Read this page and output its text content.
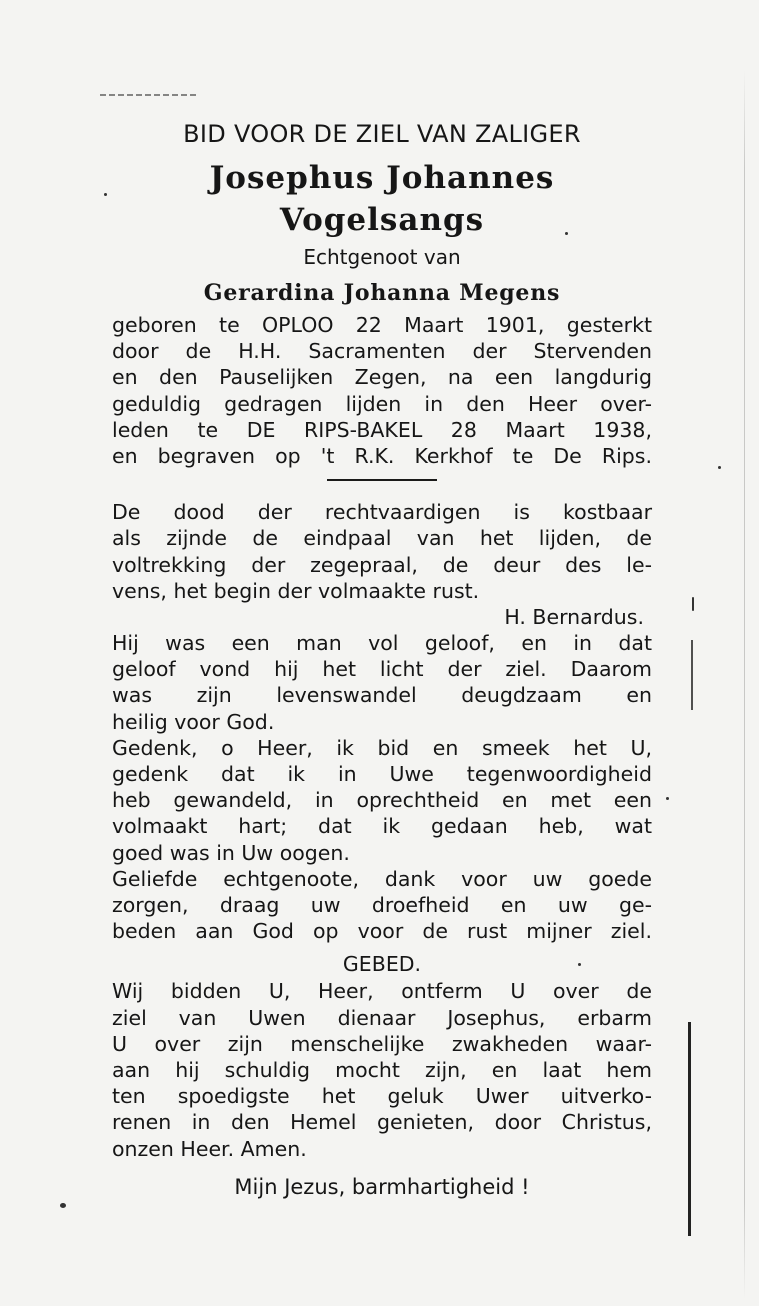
BID VOOR DE ZIEL VAN ZALIGER

Josephus Johannes

Vogelsangs

Echtgenoot van

Gerardina Johanna Megens

geboren te OPLOO 22 Maart 1901, gesterkt
door de H.H. Sacramenten der Stervenden
en den Pauselijken Zegen, na een langdurig
geduldig gedragen lijden in den Heer over-
leden te DE RIPS-BAKEL 28 Maart 1938,
en begraven op 't R.K. Kerkhof te De Rips.
De dood der rechtvaardigen is kostbaar
als zijnde de eindpaal van het lijden, de
voltrekking der zegepraal, de deur des le-
vens, het begin der volmaakte rust.

H. Bernardus.

Hij was een man vol geloof, en in dat
geloof vond hij het licht der ziel. Daarom
was zijn levenswandel deugdzaam en
heilig voor God.
Gedenk, o Heer, ik bid en smeek het U,
gedenk dat ik in Uwe tegenwoordigheid
heb gewandeld, in oprechtheid en met een
volmaakt hart; dat ik gedaan heb, wat
goed was in Uw oogen.
Geliefde echtgenoote, dank voor uw goede
zorgen, draag uw droefheid en uw ge-
beden aan God op voor de rust mijner ziel.

GEBED.

Wij bidden U, Heer, ontferm U over de
ziel van Uwen dienaar Josephus, erbarm
U over zijn menschelijke zwakheden waar-
aan hij schuldig mocht zijn, en laat hem
ten spoedigste het geluk Uwer uitverko-
renen in den Hemel genieten, door Christus,
onzen Heer. Amen.

Mijn Jezus, barmhartigheid !
